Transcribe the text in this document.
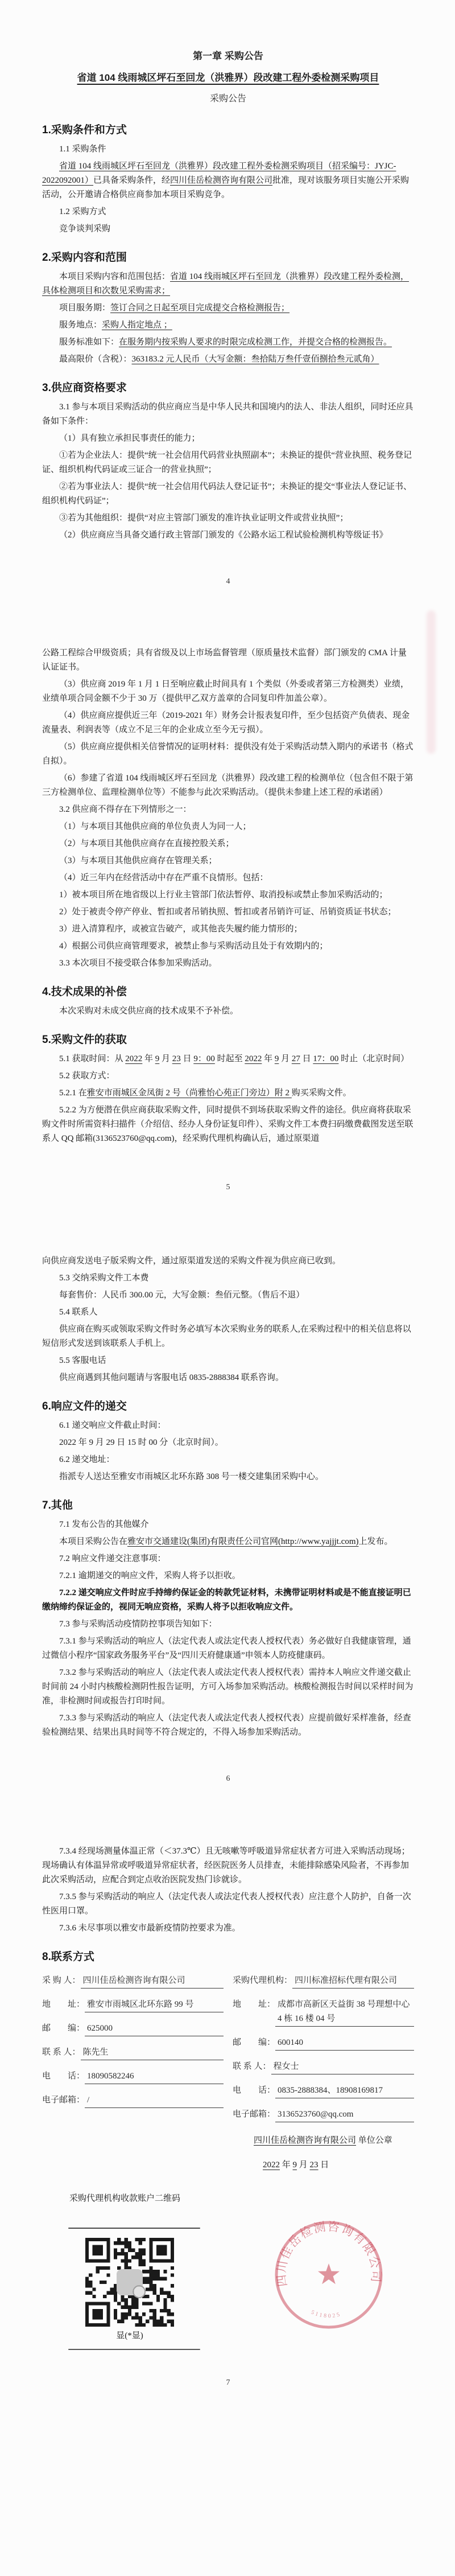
第一章 采购公告
省道 104 线雨城区坪石至回龙（洪雅界）段改建工程外委检测采购项目
采购公告
1.采购条件和方式

1.1 采购条件

省道 104 线雨城区坪石至回龙（洪雅界）段改建工程外委检测采购项目（招采编号：JYJC-2022092001）已具备采购条件，经四川佳岳检测咨询有限公司批准，现对该服务项目实施公开采购活动，公开邀请合格供应商参加本项目采购竞争。

1.2 采购方式

竞争谈判采购

2.采购内容和范围

本项目采购内容和范围包括：省道 104 线雨城区坪石至回龙（洪雅界）段改建工程外委检测，具体检测项目和次数见采购需求；

项目服务期：签订合同之日起至项目完成提交合格检测报告；

服务地点：采购人指定地点 ；

服务标准如下：在服务期内按采购人要求的时限完成检测工作，并提交合格的检测报告。

最高限价（含税）：363183.2 元人民币（大写金额：叁拾陆万叁仟壹佰捌拾叁元贰角）

3.供应商资格要求

3.1 参与本项目采购活动的供应商应当是中华人民共和国境内的法人、非法人组织，同时还应具备如下条件：

（1）具有独立承担民事责任的能力；

①若为企业法人：提供“统一社会信用代码营业执照副本”；未换证的提供“营业执照、税务登记证、组织机构代码证或三证合一的营业执照”；

②若为事业法人：提供“统一社会信用代码法人登记证书”；未换证的提交“事业法人登记证书、组织机构代码证”；

③若为其他组织：提供“对应主管部门颁发的准许执业证明文件或营业执照”；

（2）供应商应当具备交通行政主管部门颁发的《公路水运工程试验检测机构等级证书》

4

公路工程综合甲级资质；具有省级及以上市场监督管理（原质量技术监督）部门颁发的 CMA 计量认证证书。

（3）供应商 2019 年 1 月 1 日至响应截止时间具有 1 个类似（外委或者第三方检测类）业绩，业绩单项合同金额不少于 30 万（提供甲乙双方盖章的合同复印件加盖公章）。

（4）供应商应提供近三年（2019-2021 年）财务会计报表复印件，至少包括资产负债表、现金流量表、利润表等（成立不足三年的企业成立至今无亏损）。

（5）供应商应提供相关信誉情况的证明材料：提供没有处于采购活动禁入期内的承诺书（格式自拟）。

（6）参建了省道 104 线雨城区坪石至回龙（洪雅界）段改建工程的检测单位（包含但不限于第三方检测单位、监理检测单位等）不能参与此次采购活动。（提供未参建上述工程的承诺函）

3.2 供应商不得存在下列情形之一：

（1）与本项目其他供应商的单位负责人为同一人；

（2）与本项目其他供应商存在直接控股关系；

（3）与本项目其他供应商存在管理关系；

（4）近三年内在经营活动中存在严重不良情形。包括：

1）被本项目所在地省级以上行业主管部门依法暂停、取消投标或禁止参加采购活动的；

2）处于被责令停产停业、暂扣或者吊销执照、暂扣或者吊销许可证、吊销资质证书状态；

3）进入清算程序，或被宣告破产，或其他丧失履约能力情形的；

4）根据公司供应商管理要求，被禁止参与采购活动且处于有效期内的；

3.3 本次项目不接受联合体参加采购活动。

4.技术成果的补偿

本次采购对未成交供应商的技术成果不予补偿。

5.采购文件的获取

5.1 获取时间：从 2022 年 9 月 23 日 9：00 时起至 2022 年 9 月 27 日 17：00 时止（北京时间）

5.2 获取方式：

5.2.1 在雅安市雨城区金凤街 2 号（尚雅怡心苑正门旁边）附 2 购买采购文件。

5.2.2 为方便潜在供应商获取采购文件，同时提供不到场获取采购文件的途径。供应商将获取采购文件时所需资料扫描件（介绍信、经办人身份证复印件）、采购文件工本费扫码缴费截图发送至联系人 QQ 邮箱(3136523760@qq.com)，经采购代理机构确认后，通过原渠道

5

向供应商发送电子版采购文件，通过原渠道发送的采购文件视为供应商已收到。

5.3 交纳采购文件工本费

每套售价：人民币 300.00 元，大写金额：叁佰元整。（售后不退）

5.4 联系人

供应商在购买或领取采购文件时务必填写本次采购业务的联系人,在采购过程中的相关信息将以短信形式发送到该联系人手机上。

5.5 客服电话

供应商遇到其他问题请与客服电话 0835-2888384 联系咨询。

6.响应文件的递交

6.1 递交响应文件截止时间：

2022 年 9 月 29 日 15 时 00 分（北京时间）。

6.2 递交地址：

指派专人送达至雅安市雨城区北环东路 308 号一楼交建集团采购中心。

7.其他

7.1 发布公告的其他媒介

本项目采购公告在雅安市交通建设(集团)有限责任公司官网(http://www.yajjjt.com)上发布。

7.2 响应文件递交注意事项：

7.2.1 逾期递交的响应文件，采购人将予以拒收。

7.2.2 递交响应文件时应手持缔约保证金的转款凭证材料，未携带证明材料或是不能直接证明已缴纳缔约保证金的，视同无响应资格，采购人将予以拒收响应文件。

7.3 参与采购活动疫情防控事项告知如下：

7.3.1 参与采购活动的响应人（法定代表人或法定代表人授权代表）务必做好自我健康管理，通过微信小程序“国家政务服务平台”及“四川天府健康通”申领本人防疫健康码。

7.3.2 参与采购活动的响应人（法定代表人或法定代表人授权代表）需持本人响应文件递交截止时间前 24 小时内核酸检测阴性报告证明，方可入场参加采购活动。核酸检测报告时间以采样时间为准，非检测时间或报告打印时间。

7.3.3 参与采购活动的响应人（法定代表人或法定代表人授权代表）应提前做好采样准备，经查验检测结果、结果出具时间等不符合规定的，不得入场参加采购活动。

6

7.3.4 经现场测量体温正常（＜37.3℃）且无咳嗽等呼吸道异常症状者方可进入采购活动现场；现场确认有体温异常或呼吸道异常症状者，经医院医务人员排查，未能排除感染风险者，不再参加此次采购活动，应配合到定点收治医院发热门诊就诊。

7.3.5 参与采购活动的响应人（法定代表人或法定代表人授权代表）应注意个人防护，自备一次性医用口罩。

7.3.6 未尽事项以雅安市最新疫情防控要求为准。

8.联系方式
采 购 人： 四川佳岳检测咨询有限公司
地　　址： 雅安市雨城区北环东路 99 号
邮　　编： 625000
联 系 人： 陈先生
电　　话： 18090582246
电子邮箱： /
采购代理机构： 四川标准招标代理有限公司
地　　址： 成都市高新区天益街 38 号理想中心 4 栋 16 楼 04 号
邮　　编： 600140
联 系 人： 程女士
电　　话： 0835-2888384、18908169817
电子邮箱： 3136523760@qq.com

四川佳岳检测咨询有限公司 单位公章

2022 年 9 月 23 日

采购代理机构收款账户二维码

显(*显)

7
四川佳岳检测咨询有限公司
5118025
